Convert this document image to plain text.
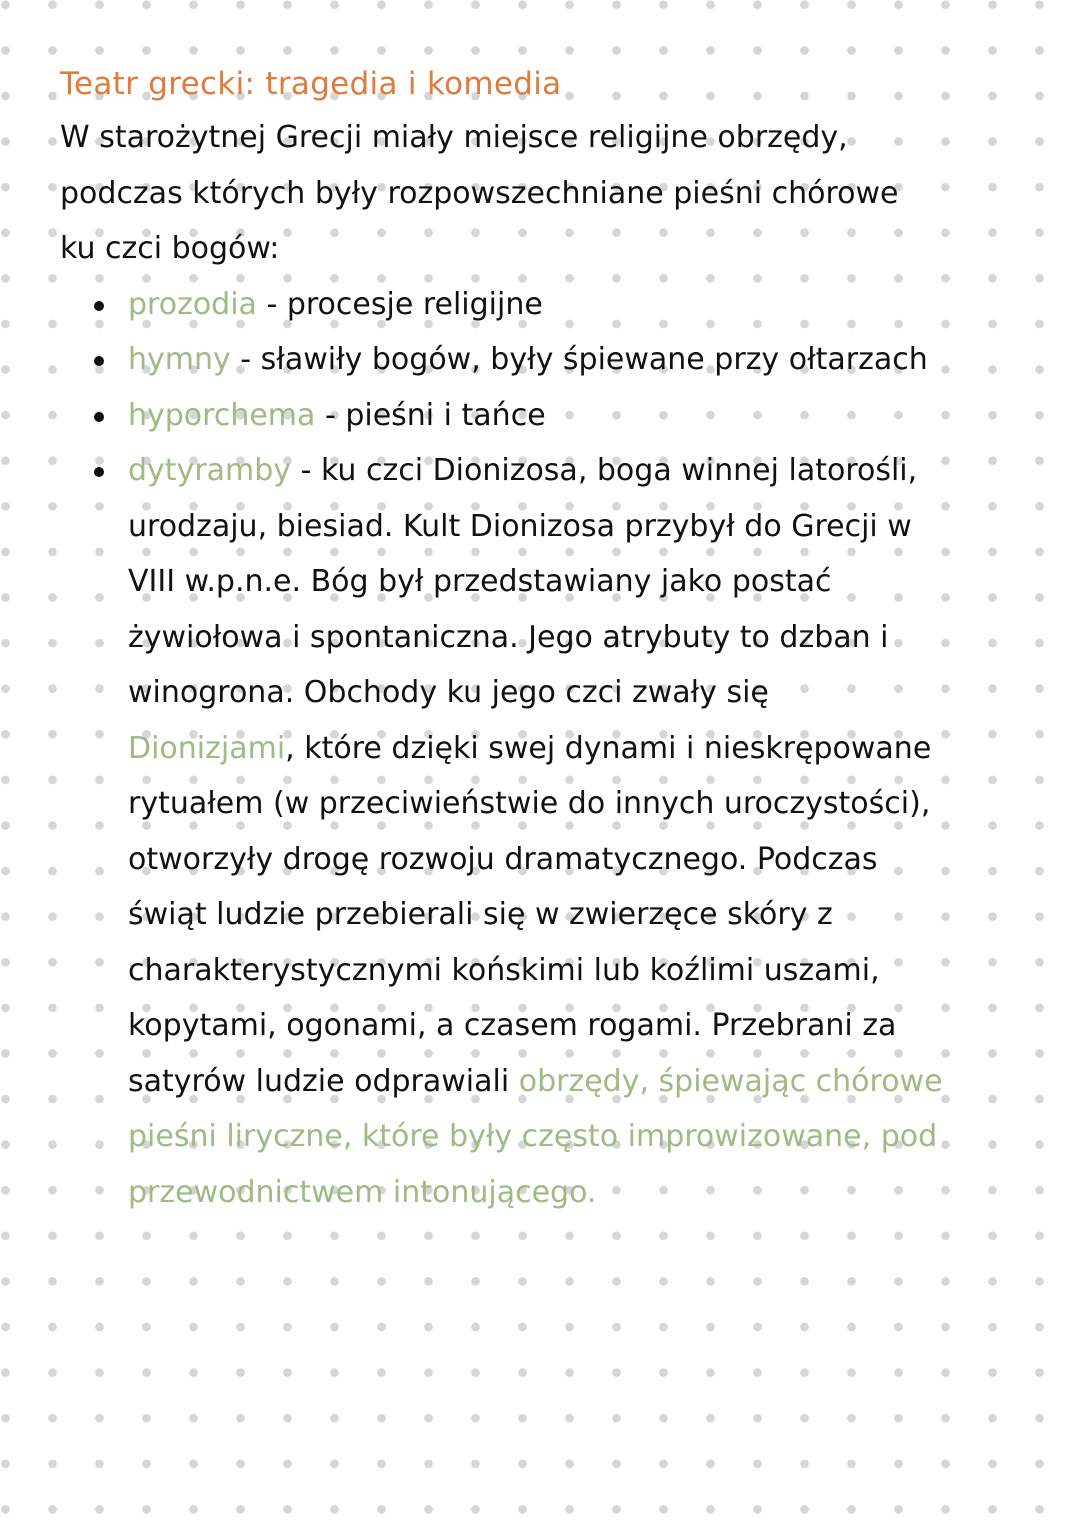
Teatr grecki: tragedia i komedia

W starożytnej Grecji miały miejsce religijne obrzędy,
podczas których były rozpowszechniane pieśni chórowe
ku czci bogów:

prozodia - procesje religijne
hymny - sławiły bogów, były śpiewane przy ołtarzach
hyporchema - pieśni i tańce
dytyramby - ku czci Dionizosa, boga winnej latorośli,
urodzaju, biesiad. Kult Dionizosa przybył do Grecji w
VIII w.p.n.e. Bóg był przedstawiany jako postać
żywiołowa i spontaniczna. Jego atrybuty to dzban i
winogrona. Obchody ku jego czci zwały się
Dionizjami, które dzięki swej dynami i nieskrępowane
rytuałem (w przeciwieństwie do innych uroczystości),
otworzyły drogę rozwoju dramatycznego. Podczas
świąt ludzie przebierali się w zwierzęce skóry z
charakterystycznymi końskimi lub koźlimi uszami,
kopytami, ogonami, a czasem rogami. Przebrani za
satyrów ludzie odprawiali obrzędy, śpiewając chórowe
pieśni liryczne, które były często improwizowane, pod
przewodnictwem intonującego.
